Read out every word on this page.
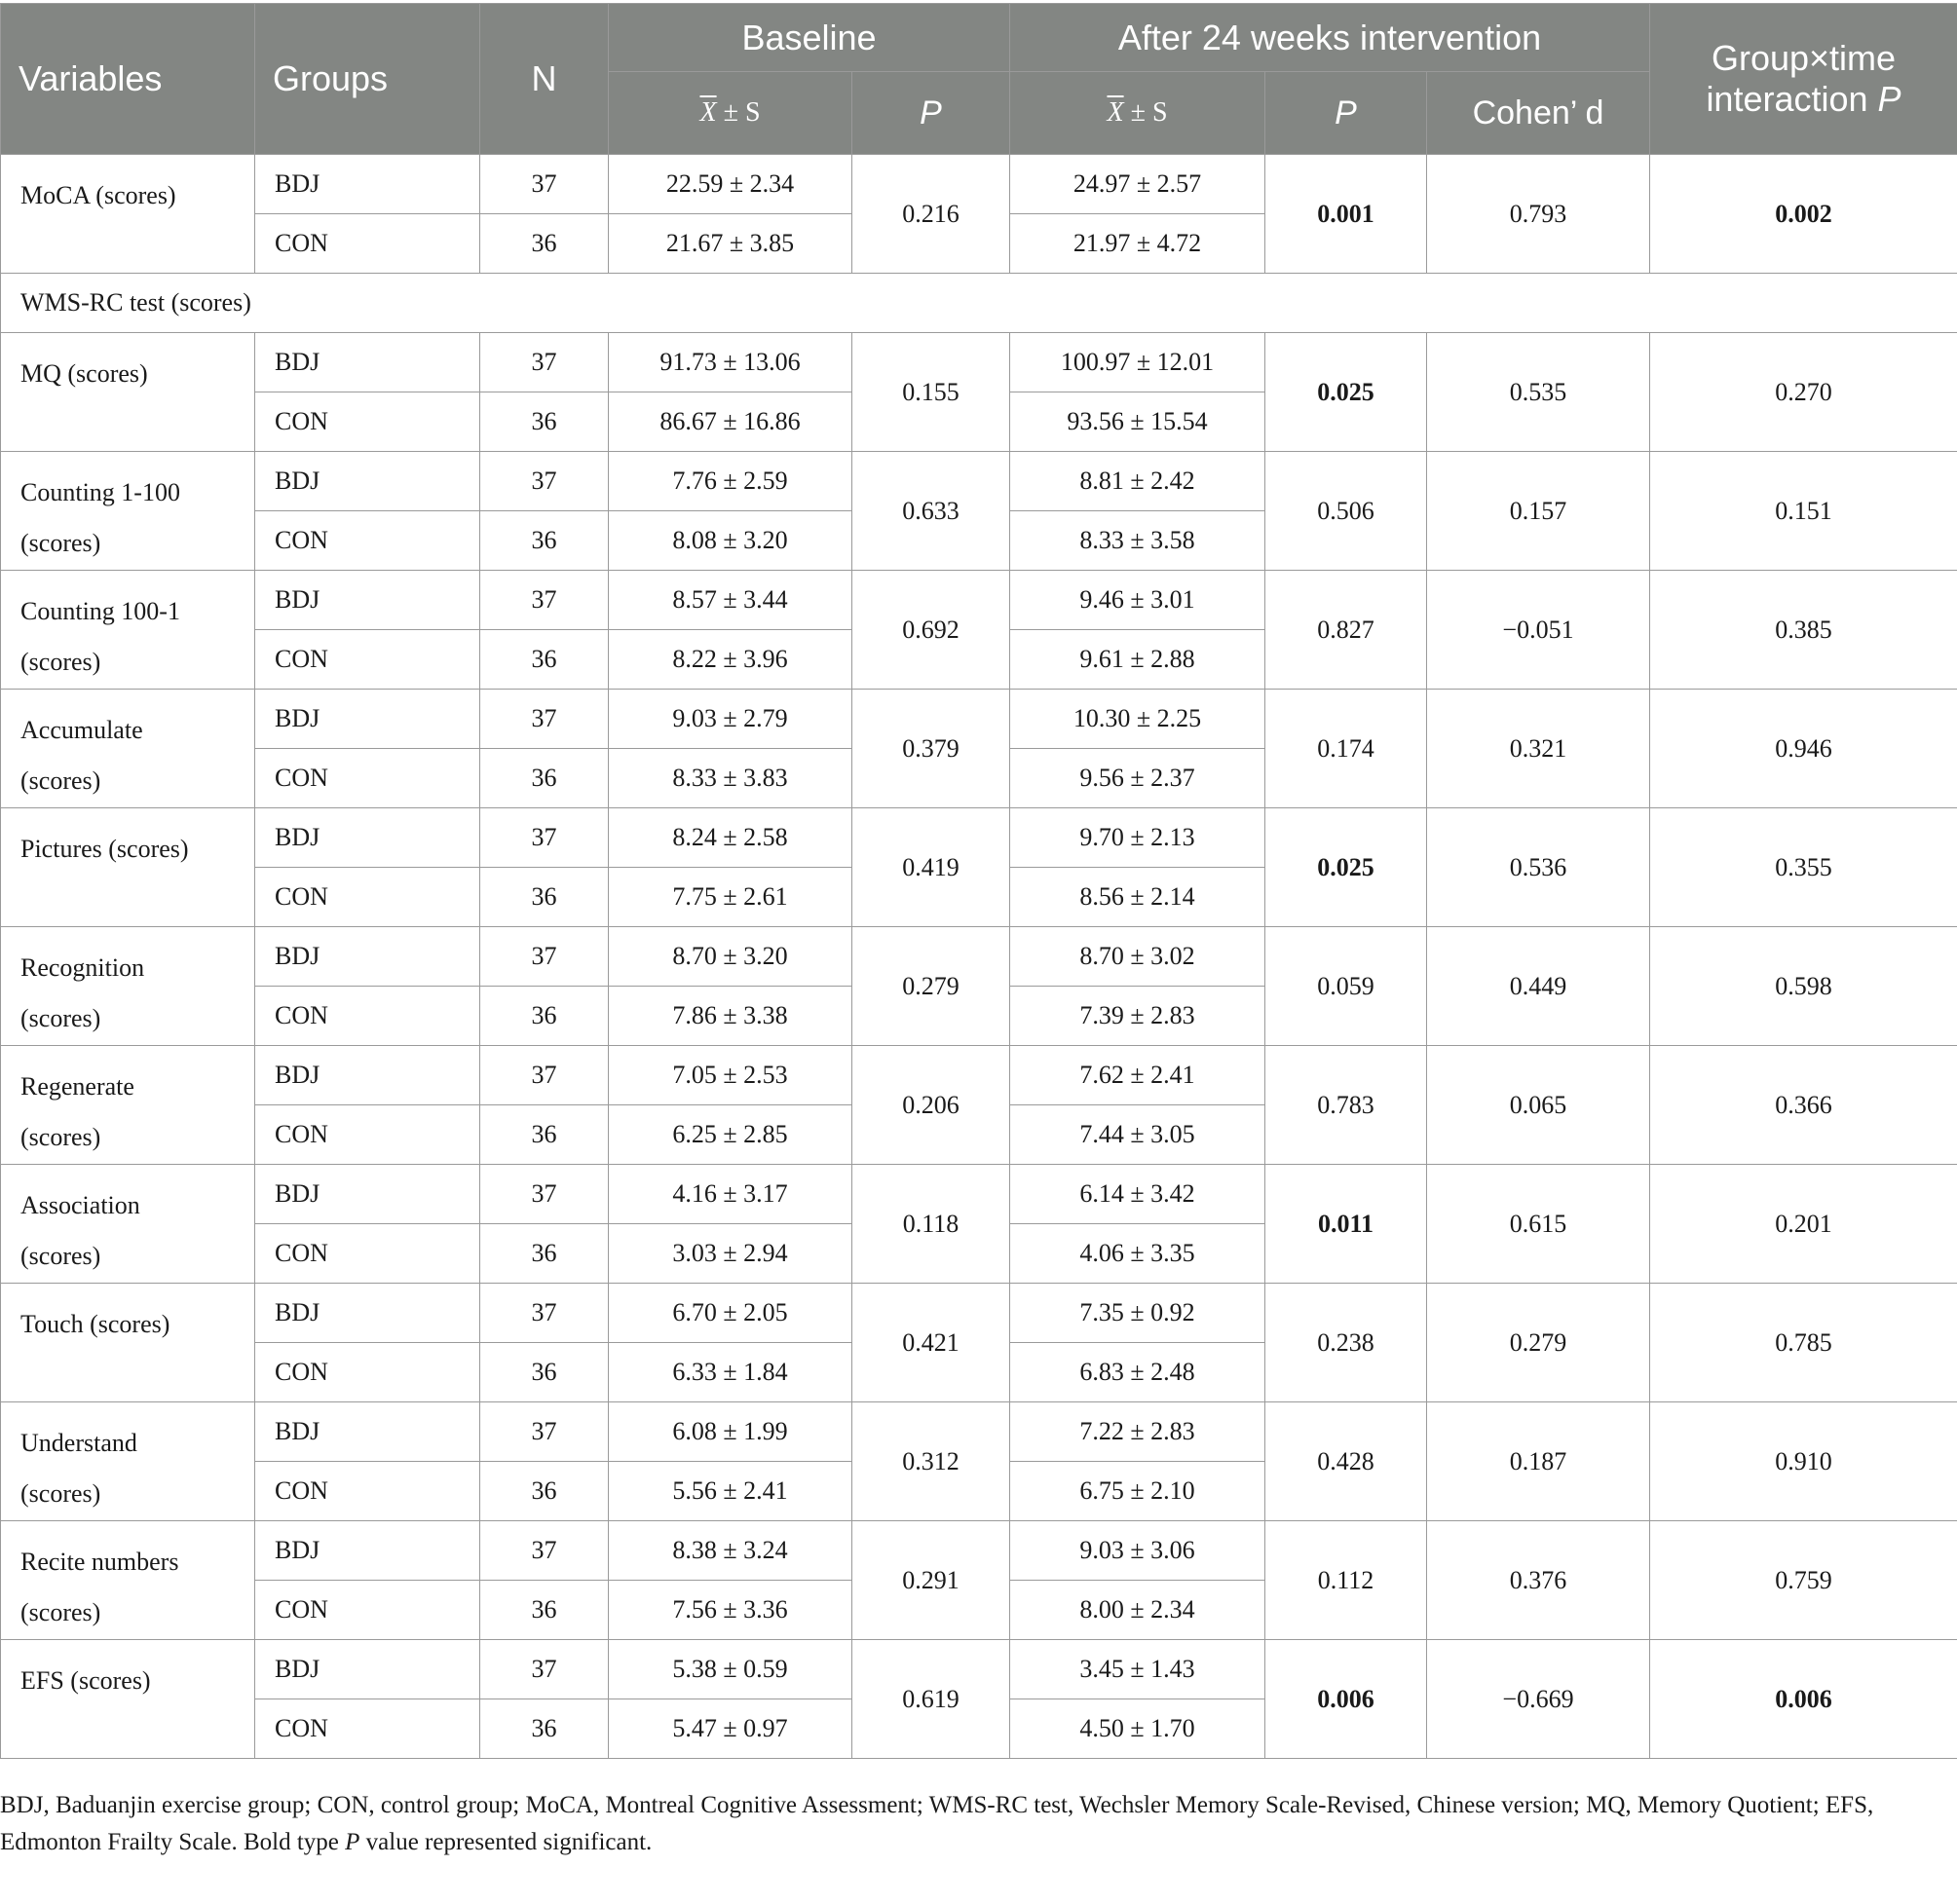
Variables	Groups	N	Baseline		After 24 weeks intervention			Group×time
interaction P
			$\overline{X} \pm S$	P	$\overline{X} \pm S$	P	Cohen’ d	
MoCA (scores)	BDJ	37	22.59 ± 2.34	0.216	24.97 ± 2.57	0.001	0.793	0.002
	CON	36	21.67 ± 3.85		21.97 ± 4.72			
WMS-RC test (scores)								
MQ (scores)	BDJ	37	91.73 ± 13.06	0.155	100.97 ± 12.01	0.025	0.535	0.270
	CON	36	86.67 ± 16.86		93.56 ± 15.54			
Counting 1-100
(scores)	BDJ	37	7.76 ± 2.59	0.633	8.81 ± 2.42	0.506	0.157	0.151
	CON	36	8.08 ± 3.20		8.33 ± 3.58			
Counting 100-1
(scores)	BDJ	37	8.57 ± 3.44	0.692	9.46 ± 3.01	0.827	−0.051	0.385
	CON	36	8.22 ± 3.96		9.61 ± 2.88			
Accumulate
(scores)	BDJ	37	9.03 ± 2.79	0.379	10.30 ± 2.25	0.174	0.321	0.946
	CON	36	8.33 ± 3.83		9.56 ± 2.37			
Pictures (scores)	BDJ	37	8.24 ± 2.58	0.419	9.70 ± 2.13	0.025	0.536	0.355
	CON	36	7.75 ± 2.61		8.56 ± 2.14			
Recognition
(scores)	BDJ	37	8.70 ± 3.20	0.279	8.70 ± 3.02	0.059	0.449	0.598
	CON	36	7.86 ± 3.38		7.39 ± 2.83			
Regenerate
(scores)	BDJ	37	7.05 ± 2.53	0.206	7.62 ± 2.41	0.783	0.065	0.366
	CON	36	6.25 ± 2.85		7.44 ± 3.05			
Association
(scores)	BDJ	37	4.16 ± 3.17	0.118	6.14 ± 3.42	0.011	0.615	0.201
	CON	36	3.03 ± 2.94		4.06 ± 3.35			
Touch (scores)	BDJ	37	6.70 ± 2.05	0.421	7.35 ± 0.92	0.238	0.279	0.785
	CON	36	6.33 ± 1.84		6.83 ± 2.48			
Understand
(scores)	BDJ	37	6.08 ± 1.99	0.312	7.22 ± 2.83	0.428	0.187	0.910
	CON	36	5.56 ± 2.41		6.75 ± 2.10			
Recite numbers
(scores)	BDJ	37	8.38 ± 3.24	0.291	9.03 ± 3.06	0.112	0.376	0.759
	CON	36	7.56 ± 3.36		8.00 ± 2.34			
EFS (scores)	BDJ	37	5.38 ± 0.59	0.619	3.45 ± 1.43	0.006	−0.669	0.006
	CON	36	5.47 ± 0.97		4.50 ± 1.70			
BDJ, Baduanjin exercise group; CON, control group; MoCA, Montreal Cognitive Assessment; WMS-RC test, Wechsler Memory Scale-Revised, Chinese version; MQ, Memory Quotient; EFS, Edmonton Frailty Scale. Bold type P value represented significant.
